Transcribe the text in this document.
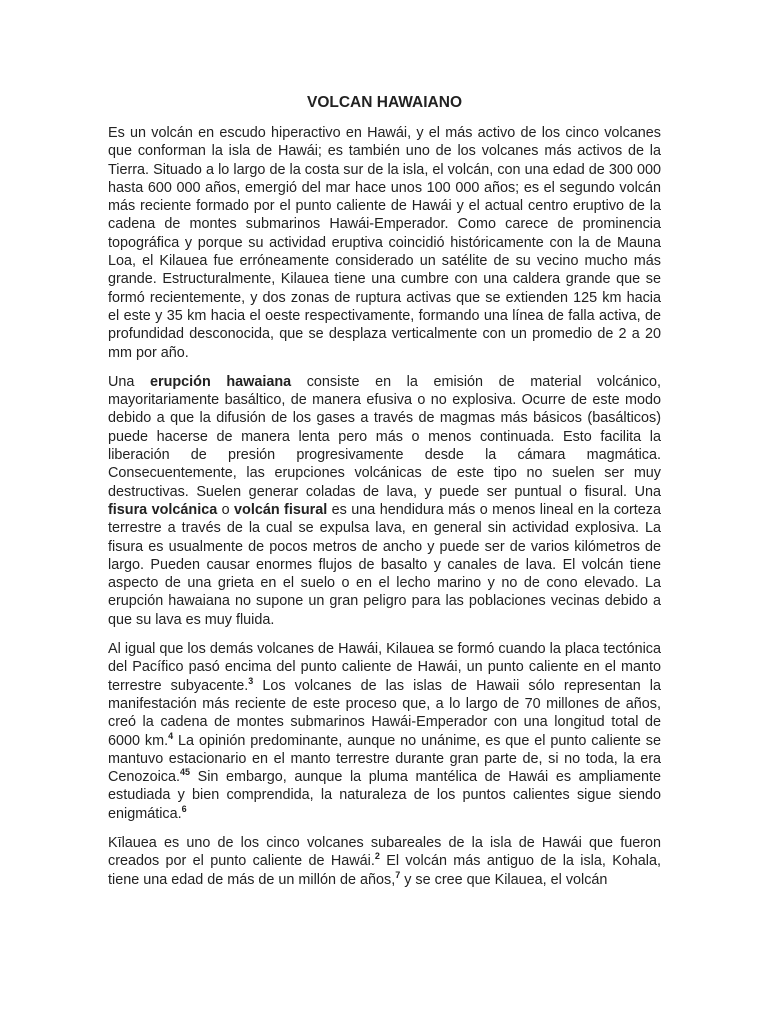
VOLCAN HAWAIANO

Es un volcán en escudo hiperactivo en Hawái, y el más activo de los cinco volcanes que conforman la isla de Hawái; es también uno de los volcanes más activos de la Tierra. Situado a lo largo de la costa sur de la isla, el volcán, con una edad de 300 000 hasta 600 000 años, emergió del mar hace unos 100 000 años; es el segundo volcán más reciente formado por el punto caliente de Hawái y el actual centro eruptivo de la cadena de montes submarinos Hawái-Emperador. Como carece de prominencia topográfica y porque su actividad eruptiva coincidió históricamente con la de Mauna Loa, el Kilauea fue erróneamente considerado un satélite de su vecino mucho más grande. Estructuralmente, Kilauea tiene una cumbre con una caldera grande que se formó recientemente, y dos zonas de ruptura activas que se extienden 125 km hacia el este y 35 km hacia el oeste respectivamente, formando una línea de falla activa, de profundidad desconocida, que se desplaza verticalmente con un promedio de 2 a 20 mm por año.

Una erupción hawaiana consiste en la emisión de material volcánico, mayoritariamente basáltico, de manera efusiva o no explosiva. Ocurre de este modo debido a que la difusión de los gases a través de magmas más básicos (basálticos) puede hacerse de manera lenta pero más o menos continuada. Esto facilita la liberación de presión progresivamente desde la cámara magmática. Consecuentemente, las erupciones volcánicas de este tipo no suelen ser muy destructivas. Suelen generar coladas de lava, y puede ser puntual o fisural. Una fisura volcánica o volcán fisural es una hendidura más o menos lineal en la corteza terrestre a través de la cual se expulsa lava, en general sin actividad explosiva. La fisura es usualmente de pocos metros de ancho y puede ser de varios kilómetros de largo. Pueden causar enormes flujos de basalto y canales de lava. El volcán tiene aspecto de una grieta en el suelo o en el lecho marino y no de cono elevado. La erupción hawaiana no supone un gran peligro para las poblaciones vecinas debido a que su lava es muy fluida.

Al igual que los demás volcanes de Hawái, Kilauea se formó cuando la placa tectónica del Pacífico pasó encima del punto caliente de Hawái, un punto caliente en el manto terrestre subyacente.$^3$ Los volcanes de las islas de Hawaii sólo representan la manifestación más reciente de este proceso que, a lo largo de 70 millones de años, creó la cadena de montes submarinos Hawái-Emperador con una longitud total de 6000 km.$^4$ La opinión predominante, aunque no unánime, es que el punto caliente se mantuvo estacionario en el manto terrestre durante gran parte de, si no toda, la era Cenozoica.$^{45}$ Sin embargo, aunque la pluma mantélica de Hawái es ampliamente estudiada y bien comprendida, la naturaleza de los puntos calientes sigue siendo enigmática.$^6$

Kīlauea es uno de los cinco volcanes subareales de la isla de Hawái que fueron creados por el punto caliente de Hawái.$^2$ El volcán más antiguo de la isla, Kohala, tiene una edad de más de un millón de años,$^7$ y se cree que Kilauea, el volcán
